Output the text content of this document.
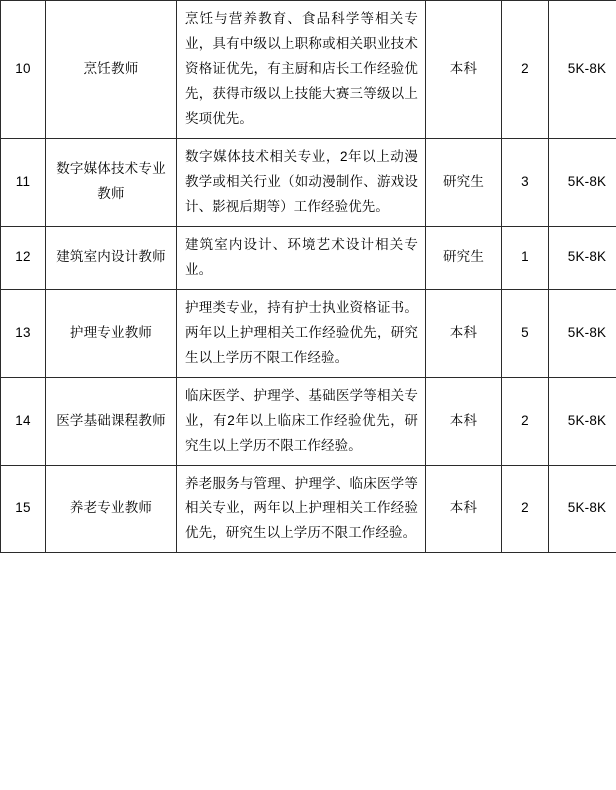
10	烹饪教师	烹饪与营养教育、食品科学等相关专业，具有中级以上职称或相关职业技术资格证优先，有主厨和店长工作经验优先，获得市级以上技能大赛三等级以上奖项优先。	本科	2	5K-8K

11	数字媒体技术专业教师	数字媒体技术相关专业，2年以上动漫教学或相关行业（如动漫制作、游戏设计、影视后期等）工作经验优先。	研究生	3	5K-8K

12	建筑室内设计教师	建筑室内设计、环境艺术设计相关专业。	研究生	1	5K-8K

13	护理专业教师	护理类专业，持有护士执业资格证书。两年以上护理相关工作经验优先，研究生以上学历不限工作经验。	本科	5	5K-8K

14	医学基础课程教师	临床医学、护理学、基础医学等相关专业，有2年以上临床工作经验优先，研究生以上学历不限工作经验。	本科	2	5K-8K

15	养老专业教师	养老服务与管理、护理学、临床医学等相关专业，两年以上护理相关工作经验优先，研究生以上学历不限工作经验。	本科	2	5K-8K
